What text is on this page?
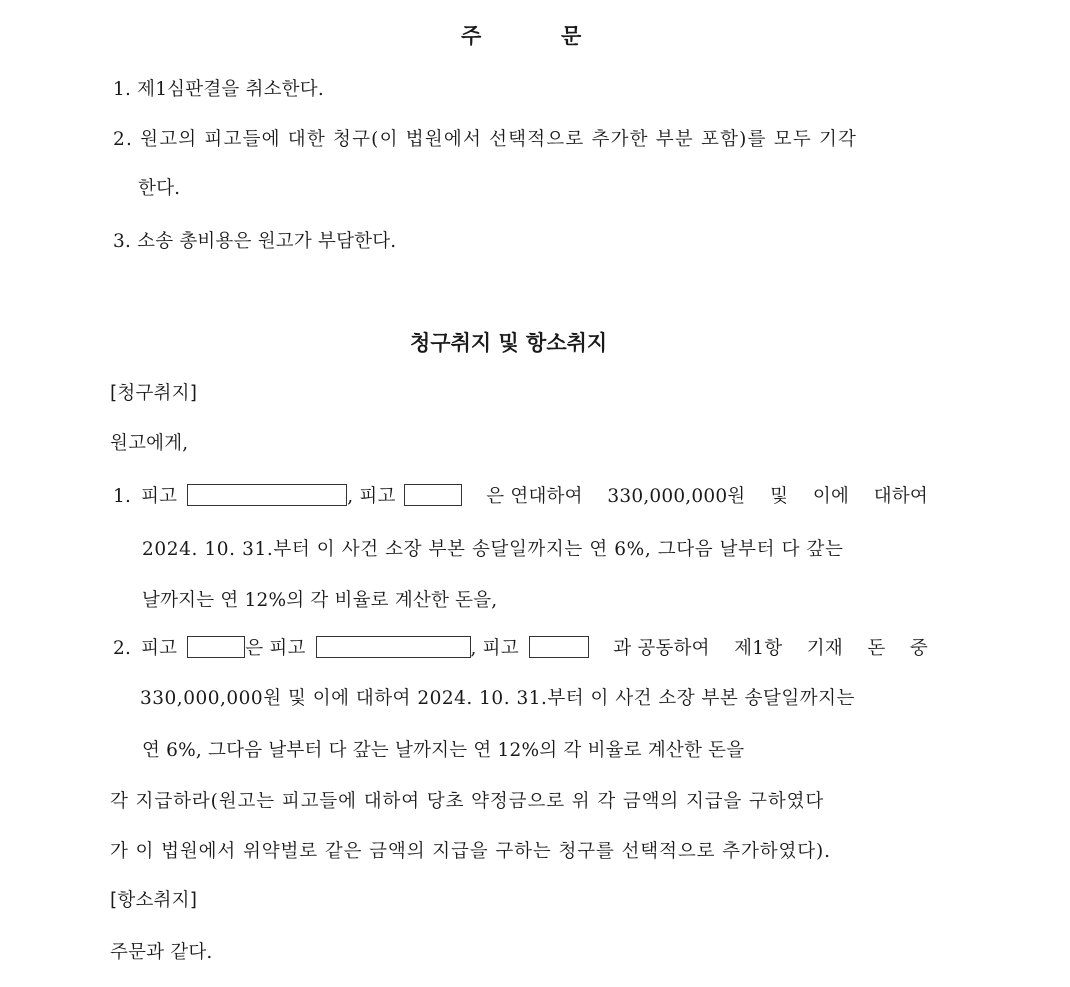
주	문
1. 제1심판결을 취소한다.
2. 원고의 피고들에 대한 청구(이 법원에서 선택적으로 추가한 부분 포함)를 모두 기각
한다.
3. 소송 총비용은 원고가 부담한다.
청구취지 및 항소취지
[청구취지]
원고에게,
1. 피고	, 피고	은 연대하여 330,000,000원 및 이에 대하여
2024. 10. 31.부터 이 사건 소장 부본 송달일까지는 연 6%, 그다음 날부터 다 갚는
날까지는 연 12%의 각 비율로 계산한 돈을,
2. 피고	은 피고	, 피고	과 공동하여 제1항 기재 돈 중
330,000,000원 및 이에 대하여 2024. 10. 31.부터 이 사건 소장 부본 송달일까지는
연 6%, 그다음 날부터 다 갚는 날까지는 연 12%의 각 비율로 계산한 돈을
각 지급하라(원고는 피고들에 대하여 당초 약정금으로 위 각 금액의 지급을 구하였다
가 이 법원에서 위약벌로 같은 금액의 지급을 구하는 청구를 선택적으로 추가하였다).
[항소취지]
주문과 같다.
